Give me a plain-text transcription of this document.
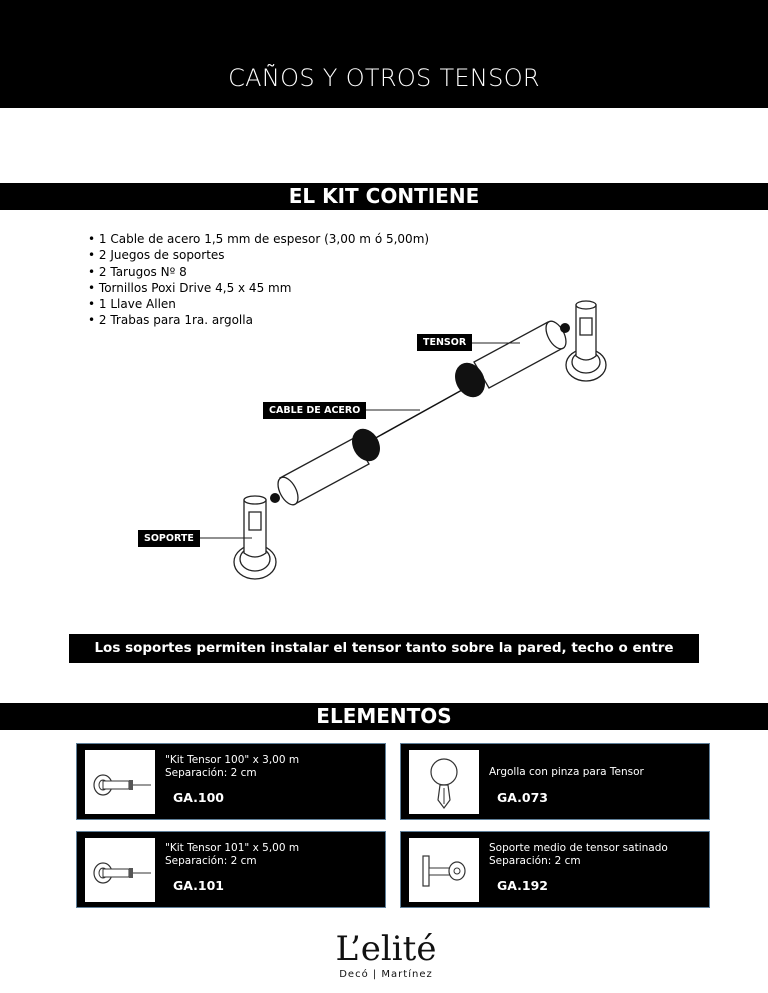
CAÑOS Y OTROS TENSOR
EL KIT CONTIENE
• 1 Cable de acero 1,5 mm de espesor (3,00 m ó 5,00m)
• 2 Juegos de soportes
• 2 Tarugos Nº 8
• Tornillos Poxi Drive 4,5 x 45 mm
• 1 Llave Allen
• 2 Trabas para 1ra. argolla
TENSOR
CABLE DE ACERO
SOPORTE
Los soportes permiten instalar el tensor tanto sobre la pared, techo o entre paredes.
ELEMENTOS
"Kit Tensor 100" x 3,00 m
Separación: 2 cm
GA.100
Argolla con pinza para Tensor
GA.073
"Kit Tensor 101" x 5,00 m
Separación: 2 cm
GA.101
Soporte medio de tensor satinado
Separación: 2 cm
GA.192
L’elité
Decó | Martínez
